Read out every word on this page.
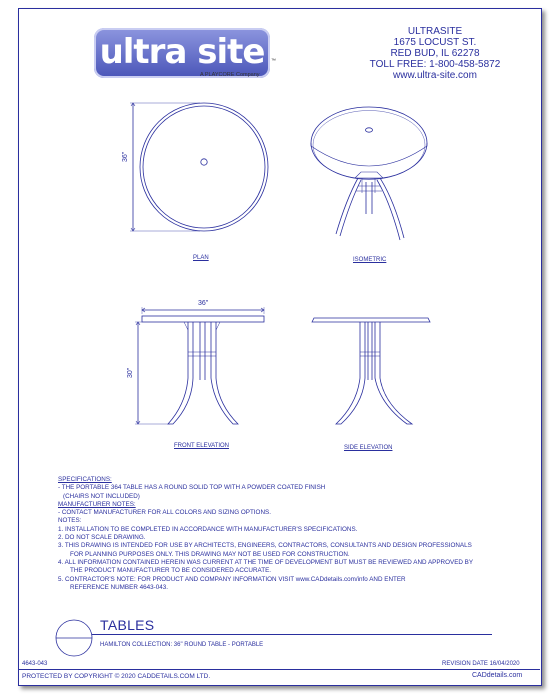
ultra site	™
A PLAYCORE Company
ULTRASITE
1675 LOCUST ST.
RED BUD, IL 62278
TOLL FREE: 1-800-458-5872
www.ultra-site.com
36"
36"
30"
PLAN	ISOMETRIC
FRONT ELEVATION	SIDE ELEVATION
SPECIFICATIONS:
- THE PORTABLE 364 TABLE HAS A ROUND SOLID TOP WITH A POWDER COATED FINISH
(CHAIRS NOT INCLUDED)
MANUFACTURER NOTES:
- CONTACT MANUFACTURER FOR ALL COLORS AND SIZING OPTIONS.
NOTES:
1. INSTALLATION TO BE COMPLETED IN ACCORDANCE WITH MANUFACTURER'S SPECIFICATIONS.
2. DO NOT SCALE DRAWING.
3. THIS DRAWING IS INTENDED FOR USE BY ARCHITECTS, ENGINEERS, CONTRACTORS, CONSULTANTS AND DESIGN PROFESSIONALS
FOR PLANNING PURPOSES ONLY. THIS DRAWING MAY NOT BE USED FOR CONSTRUCTION.
4. ALL INFORMATION CONTAINED HEREIN WAS CURRENT AT THE TIME OF DEVELOPMENT BUT MUST BE REVIEWED AND APPROVED BY
THE PRODUCT MANUFACTURER TO BE CONSIDERED ACCURATE.
5. CONTRACTOR'S NOTE: FOR PRODUCT AND COMPANY INFORMATION VISIT www.CADdetails.com/info AND ENTER
REFERENCE NUMBER 4643-043.
TABLES
HAMILTON COLLECTION: 36" ROUND TABLE - PORTABLE
4643-043	REVISION DATE 16/04/2020
PROTECTED BY COPYRIGHT © 2020 CADDETAILS.COM LTD.	CADdetails.com
